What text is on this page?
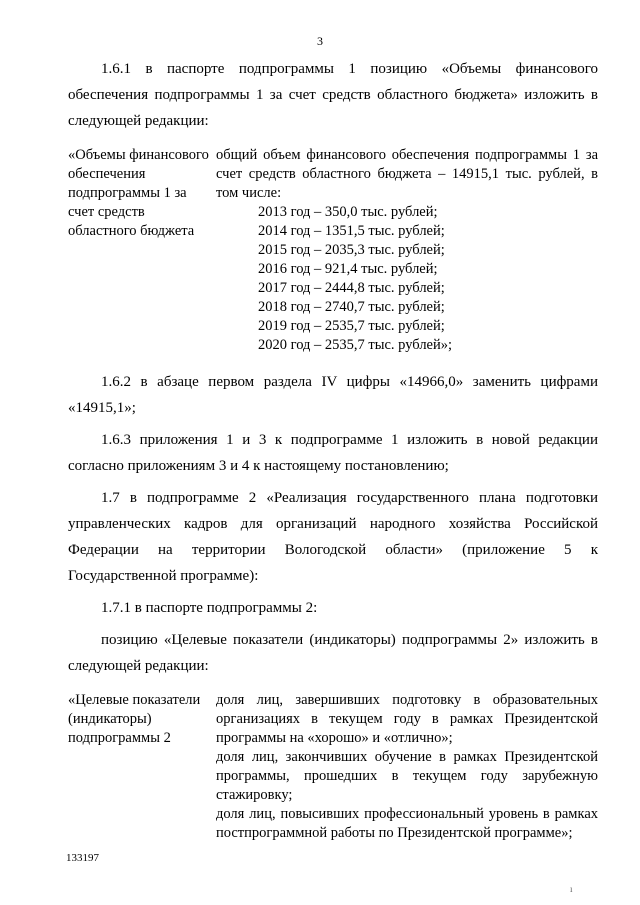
3

1.6.1 в паспорте подпрограммы 1 позицию «Объемы финансового обеспечения подпрограммы 1 за счет средств областного бюджета» изложить в следующей редакции:

«Объемы финансового обеспечения подпрограммы 1 за счет средств областного бюджета
общий объем финансового обеспечения подпрограммы 1 за счет средств областного бюджета – 14915,1 тыс. рублей, в том числе:
2013 год – 350,0 тыс. рублей;
2014 год – 1351,5 тыс. рублей;
2015 год – 2035,3 тыс. рублей;
2016 год – 921,4 тыс. рублей;
2017 год – 2444,8 тыс. рублей;
2018 год – 2740,7 тыс. рублей;
2019 год – 2535,7 тыс. рублей;
2020 год – 2535,7 тыс. рублей»;

1.6.2 в абзаце первом раздела IV цифры «14966,0» заменить цифрами «14915,1»;

1.6.3 приложения 1 и 3 к подпрограмме 1 изложить в новой редакции согласно приложениям 3 и 4 к настоящему постановлению;

1.7 в подпрограмме 2 «Реализация государственного плана подготовки управленческих кадров для организаций народного хозяйства Российской Федерации на территории Вологодской области» (приложение 5 к Государственной программе):

1.7.1 в паспорте подпрограммы 2:

позицию «Целевые показатели (индикаторы) подпрограммы 2» изложить в следующей редакции:

«Целевые показатели (индикаторы) подпрограммы 2
доля лиц, завершивших подготовку в образовательных организациях в текущем году в рамках Президентской программы на «хорошо» и «отлично»;
доля лиц, закончивших обучение в рамках Президентской программы, прошедших в текущем году зарубежную стажировку;
доля лиц, повысивших профессиональный уровень в рамках постпрограммной работы по Президентской программе»;
133197
ı
